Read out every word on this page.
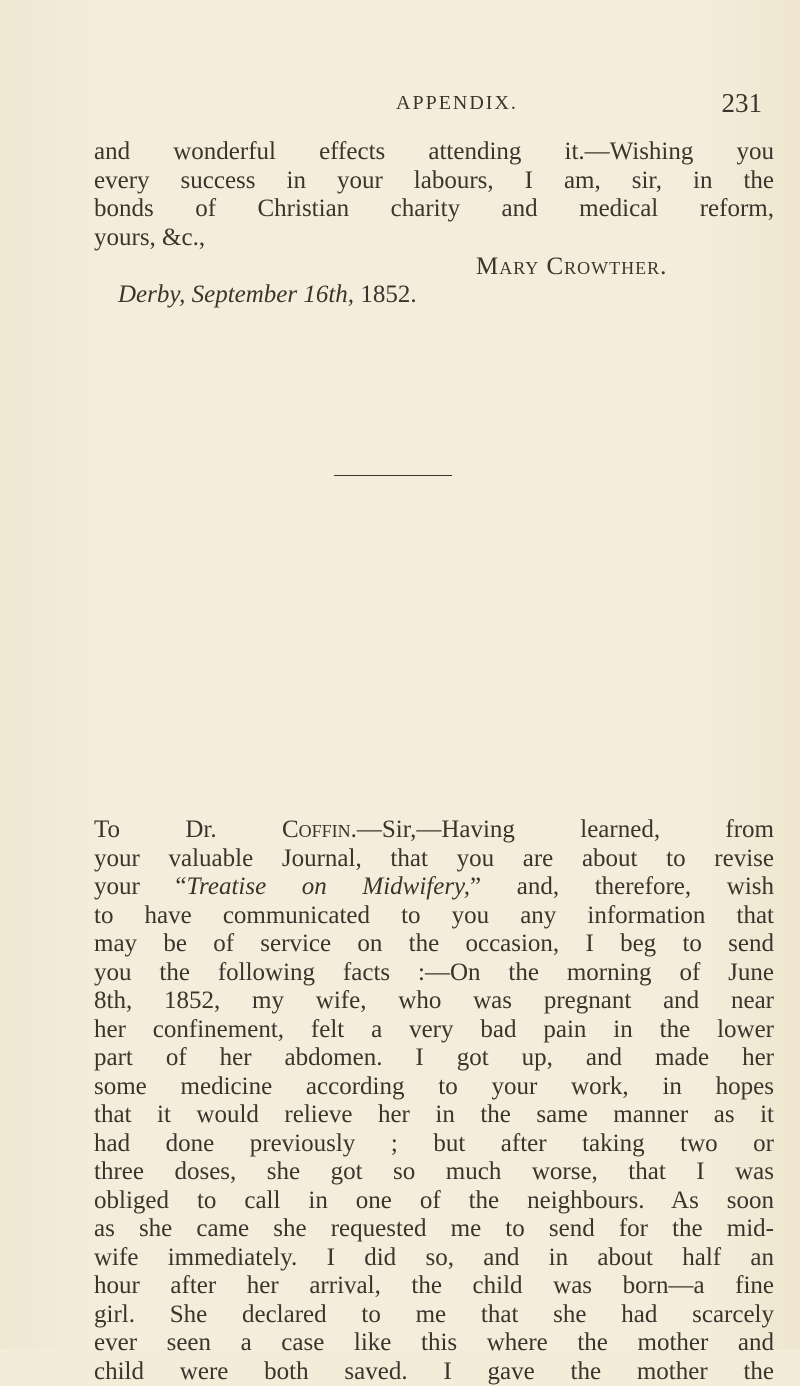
APPENDIX.	231
and wonderful effects attending it.—Wishing you
every success in your labours, I am, sir, in the
bonds of Christian charity and medical reform,
yours, &c.,
Mary Crowther.
Derby, September 16th, 1852.
To Dr. Coffin.—Sir,—Having learned, from
your valuable Journal, that you are about to revise
your “Treatise on Midwifery,” and, therefore, wish
to have communicated to you any information that
may be of service on the occasion, I beg to send
you the following facts :—On the morning of June
8th, 1852, my wife, who was pregnant and near
her confinement, felt a very bad pain in the lower
part of her abdomen. I got up, and made her
some medicine according to your work, in hopes
that it would relieve her in the same manner as it
had done previously ; but after taking two or
three doses, she got so much worse, that I was
obliged to call in one of the neighbours. As soon
as she came she requested me to send for the mid-
wife immediately. I did so, and in about half an
hour after her arrival, the child was born—a fine
girl. She declared to me that she had scarcely
ever seen a case like this where the mother and
child were both saved. I gave the mother the
